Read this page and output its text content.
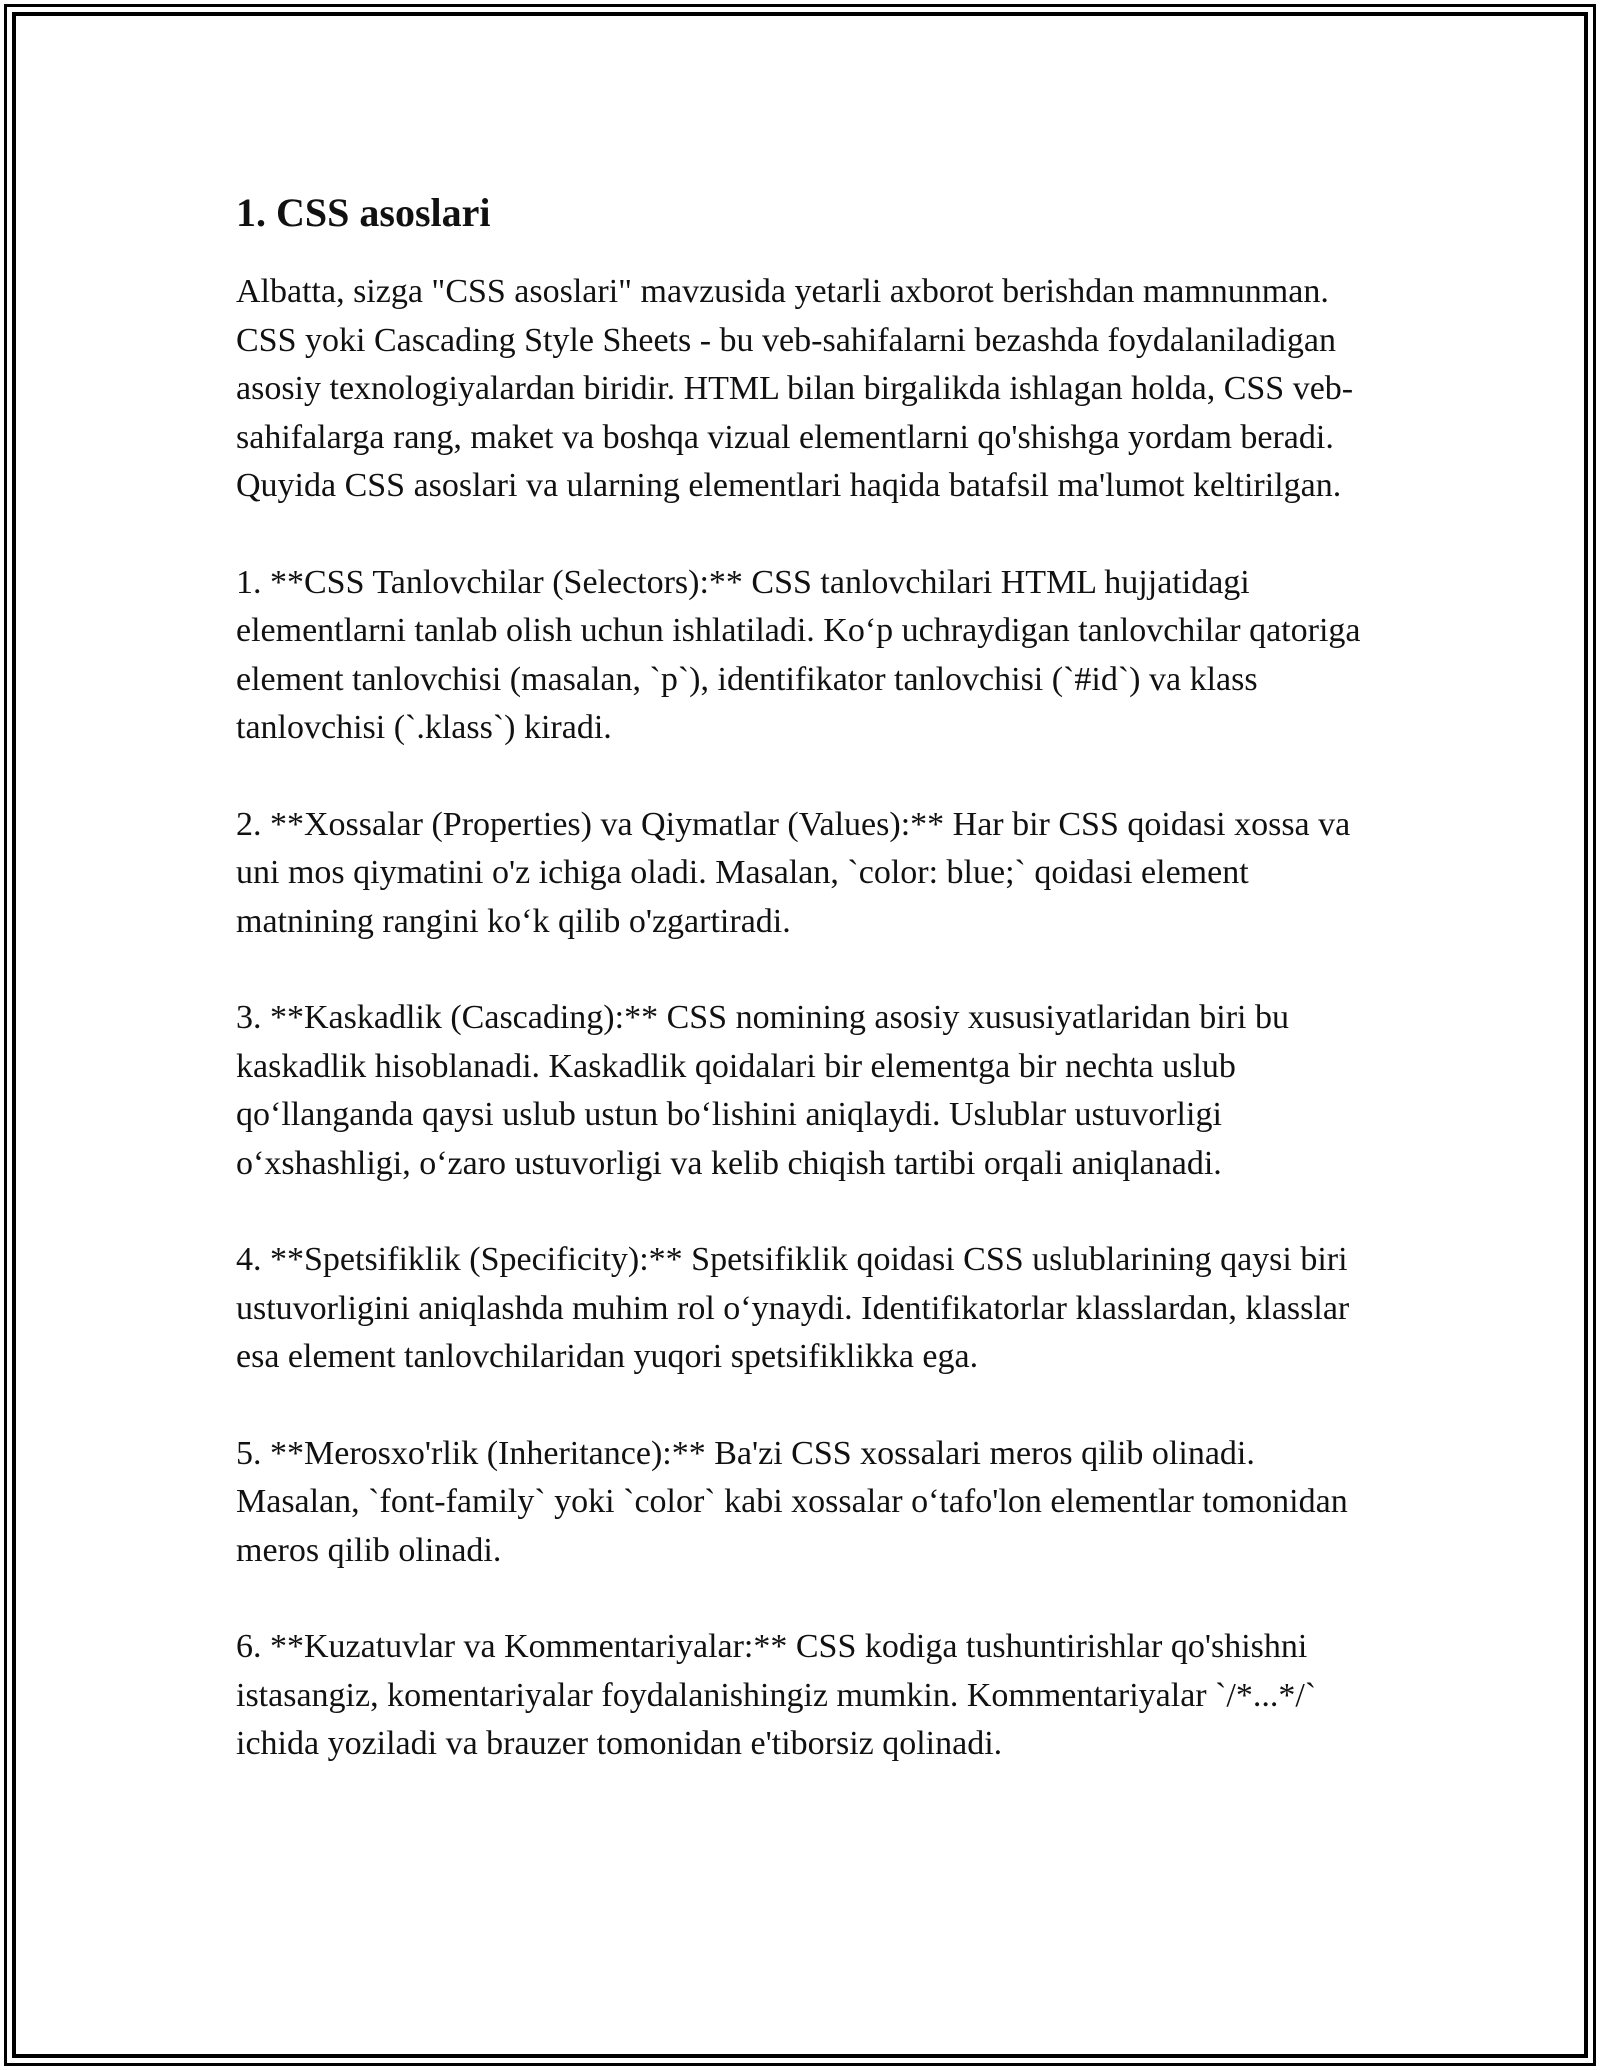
1. CSS asoslari

Albatta, sizga "CSS asoslari" mavzusida yetarli axborot berishdan mamnunman. CSS yoki Cascading Style Sheets - bu veb-sahifalarni bezashda foydalaniladigan asosiy texnologiyalardan biridir. HTML bilan birgalikda ishlagan holda, CSS veb-sahifalarga rang, maket va boshqa vizual elementlarni qo'shishga yordam beradi. Quyida CSS asoslari va ularning elementlari haqida batafsil ma'lumot keltirilgan.

1. **CSS Tanlovchilar (Selectors):** CSS tanlovchilari HTML hujjatidagi elementlarni tanlab olish uchun ishlatiladi. Ko‘p uchraydigan tanlovchilar qatoriga element tanlovchisi (masalan, `p`), identifikator tanlovchisi (`#id`) va klass tanlovchisi (`.klass`) kiradi.

2. **Xossalar (Properties) va Qiymatlar (Values):** Har bir CSS qoidasi xossa va uni mos qiymatini o'z ichiga oladi. Masalan, `color: blue;` qoidasi element matnining rangini ko‘k qilib o'zgartiradi.

3. **Kaskadlik (Cascading):** CSS nomining asosiy xususiyatlaridan biri bu kaskadlik hisoblanadi. Kaskadlik qoidalari bir elementga bir nechta uslub qo‘llanganda qaysi uslub ustun bo‘lishini aniqlaydi. Uslublar ustuvorligi o‘xshashligi, o‘zaro ustuvorligi va kelib chiqish tartibi orqali aniqlanadi.

4. **Spetsifiklik (Specificity):** Spetsifiklik qoidasi CSS uslublarining qaysi biri ustuvorligini aniqlashda muhim rol o‘ynaydi. Identifikatorlar klasslardan, klasslar esa element tanlovchilaridan yuqori spetsifiklikka ega.

5. **Merosxo'rlik (Inheritance):** Ba'zi CSS xossalari meros qilib olinadi. Masalan, `font-family` yoki `color` kabi xossalar o‘tafo'lon elementlar tomonidan meros qilib olinadi.

6. **Kuzatuvlar va Kommentariyalar:** CSS kodiga tushuntirishlar qo'shishni istasangiz, komentariyalar foydalanishingiz mumkin. Kommentariyalar `/*...*/` ichida yoziladi va brauzer tomonidan e'tiborsiz qolinadi.
